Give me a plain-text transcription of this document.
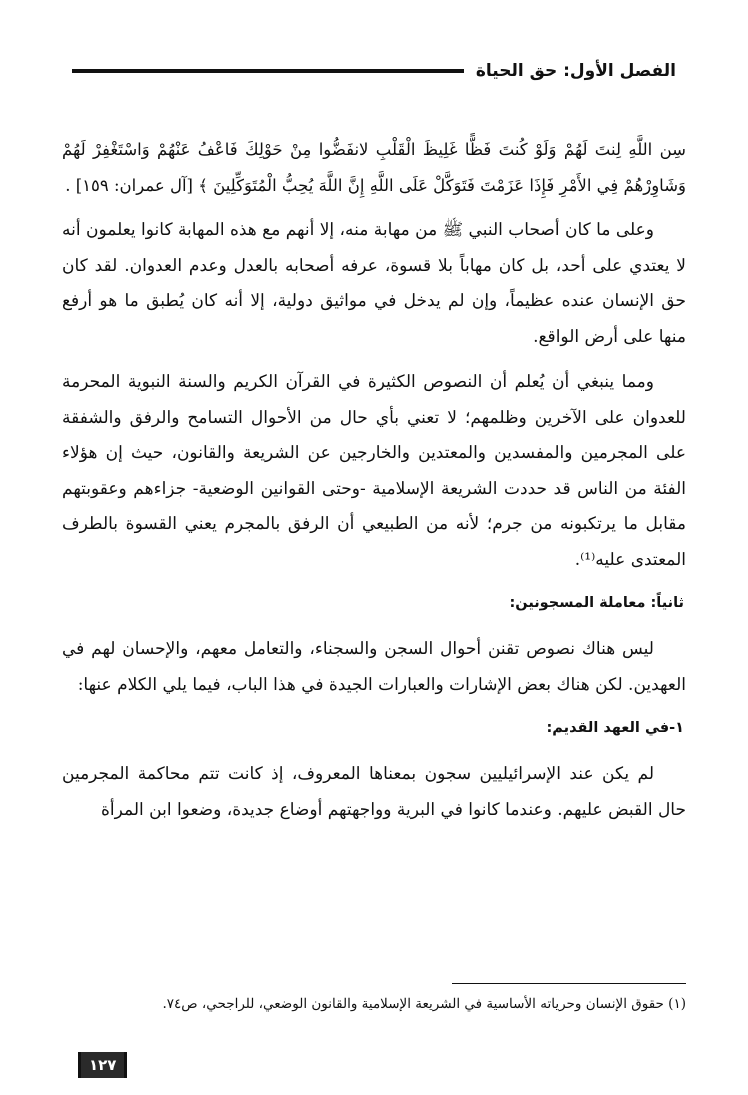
الفصل الأول: حق الحياة

سِن اللَّهِ لِنتَ لَهُمْ وَلَوْ كُنتَ فَظًّا غَلِيظَ الْقَلْبِ لانفَضُّوا مِنْ حَوْلِكَ فَاعْفُ عَنْهُمْ وَاسْتَغْفِرْ لَهُمْ وَشَاوِرْهُمْ فِي الأَمْرِ فَإِذَا عَزَمْتَ فَتَوَكَّلْ عَلَى اللَّهِ إِنَّ اللَّهَ يُحِبُّ الْمُتَوَكِّلِينَ ﴾ [آل عمران: ١٥٩] .

وعلى ما كان أصحاب النبي ﷺ من مهابة منه، إلا أنهم مع هذه المهابة كانوا يعلمون أنه لا يعتدي على أحد، بل كان مهاباً بلا قسوة، عرفه أصحابه بالعدل وعدم العدوان. لقد كان حق الإنسان عنده عظيماً، وإن لم يدخل في مواثيق دولية، إلا أنه كان يُطبق ما هو أرفع منها على أرض الواقع.

ومما ينبغي أن يُعلم أن النصوص الكثيرة في القرآن الكريم والسنة النبوية المحرمة للعدوان على الآخرين وظلمهم؛ لا تعني بأي حال من الأحوال التسامح والرفق والشفقة على المجرمين والمفسدين والمعتدين والخارجين عن الشريعة والقانون، حيث إن هؤلاء الفئة من الناس قد حددت الشريعة الإسلامية -وحتى القوانين الوضعية- جزاءهم وعقوبتهم مقابل ما يرتكبونه من جرم؛ لأنه من الطبيعي أن الرفق بالمجرم يعني القسوة بالطرف المعتدى عليه⁽¹⁾.

ثانياً: معاملة المسجونين:

ليس هناك نصوص تقنن أحوال السجن والسجناء، والتعامل معهم، والإحسان لهم في العهدين. لكن هناك بعض الإشارات والعبارات الجيدة في هذا الباب، فيما يلي الكلام عنها:

١-في العهد القديم:

لم يكن عند الإسرائيليين سجون بمعناها المعروف، إذ كانت تتم محاكمة المجرمين حال القبض عليهم. وعندما كانوا في البرية وواجهتهم أوضاع جديدة، وضعوا ابن المرأة

(١) حقوق الإنسان وحرياته الأساسية في الشريعة الإسلامية والقانون الوضعي، للراجحي، ص٧٤.
١٢٧
